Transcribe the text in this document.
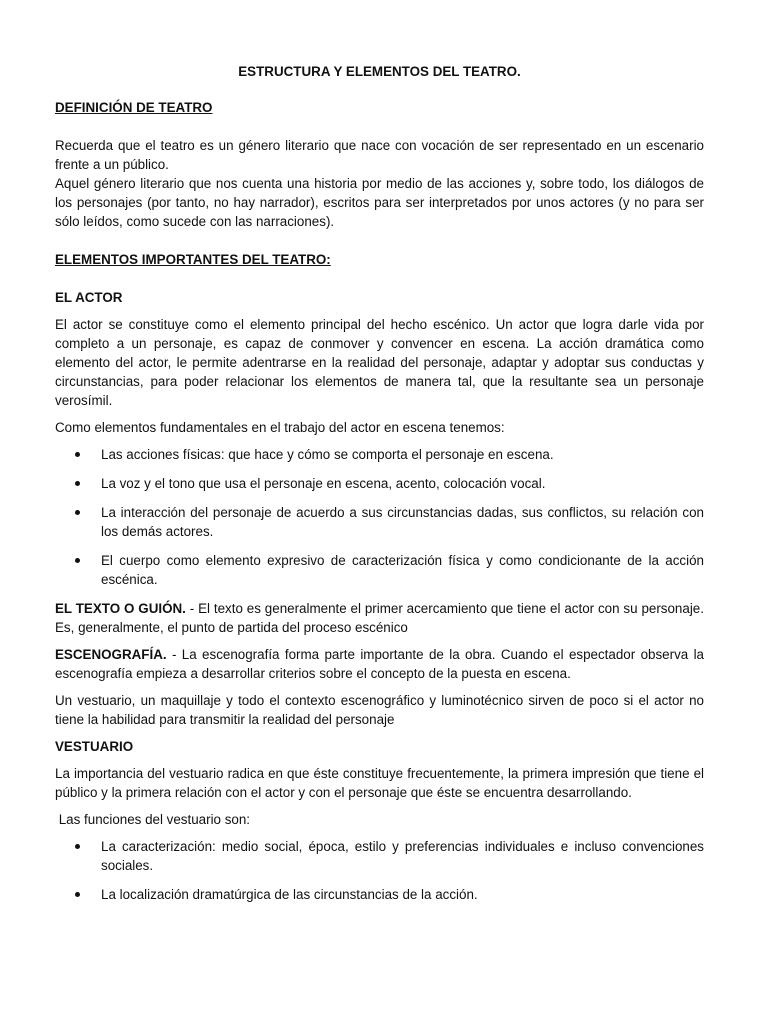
ESTRUCTURA Y ELEMENTOS DEL TEATRO.
DEFINICIÓN DE TEATRO

Recuerda que el teatro es un género literario que nace con vocación de ser representado en un escenario frente a un público.

Aquel género literario que nos cuenta una historia por medio de las acciones y, sobre todo, los diálogos de los personajes (por tanto, no hay narrador), escritos para ser interpretados por unos actores (y no para ser sólo leídos, como sucede con las narraciones).

ELEMENTOS IMPORTANTES DEL TEATRO:
EL ACTOR

El actor se constituye como el elemento principal del hecho escénico. Un actor que logra darle vida por completo a un personaje, es capaz de conmover y convencer en escena. La acción dramática como elemento del actor, le permite adentrarse en la realidad del personaje, adaptar y adoptar sus conductas y circunstancias, para poder relacionar los elementos de manera tal, que la resultante sea un personaje verosímil.

Como elementos fundamentales en el trabajo del actor en escena tenemos:

Las acciones físicas: que hace y cómo se comporta el personaje en escena.
La voz y el tono que usa el personaje en escena, acento, colocación vocal.
La interacción del personaje de acuerdo a sus circunstancias dadas, sus conflictos, su relación con los demás actores.
El cuerpo como elemento expresivo de caracterización física y como condicionante de la acción escénica.

EL TEXTO O GUIÓN. - El texto es generalmente el primer acercamiento que tiene el actor con su personaje. Es, generalmente, el punto de partida del proceso escénico

ESCENOGRAFÍA. - La escenografía forma parte importante de la obra. Cuando el espectador observa la escenografía empieza a desarrollar criterios sobre el concepto de la puesta en escena.

Un vestuario, un maquillaje y todo el contexto escenográfico y luminotécnico sirven de poco si el actor no tiene la habilidad para transmitir la realidad del personaje

VESTUARIO

La importancia del vestuario radica en que éste constituye frecuentemente, la primera impresión que tiene el público y la primera relación con el actor y con el personaje que éste se encuentra desarrollando.

Las funciones del vestuario son:

La caracterización: medio social, época, estilo y preferencias individuales e incluso convenciones sociales.
La localización dramatúrgica de las circunstancias de la acción.
